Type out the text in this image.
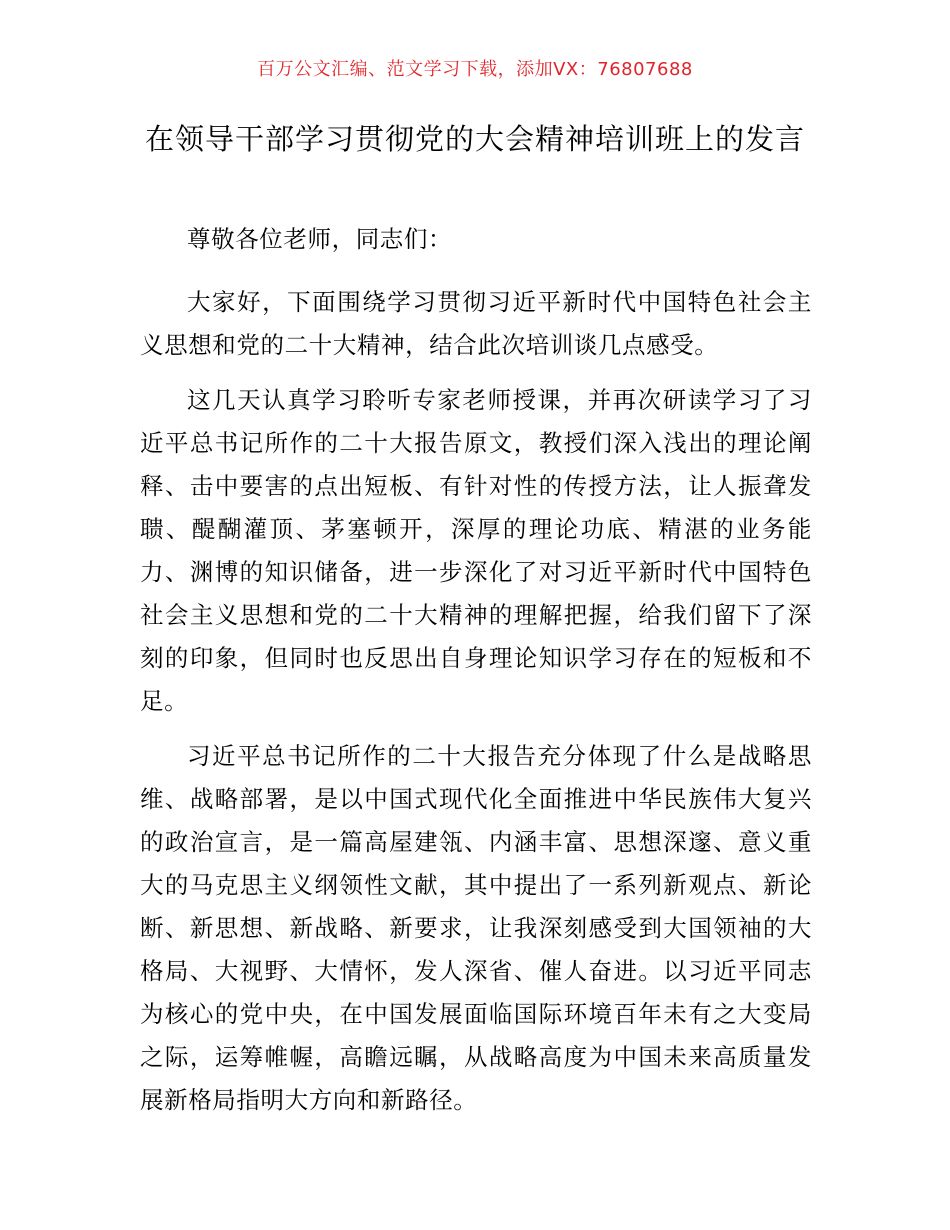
百万公文汇编、范文学习下载，添加VX：76807688
在领导干部学习贯彻党的大会精神培训班上的发言

尊敬各位老师，同志们：

大家好，下面围绕学习贯彻习近平新时代中国特色社会主义思想和党的二十大精神，结合此次培训谈几点感受。

这几天认真学习聆听专家老师授课，并再次研读学习了习近平总书记所作的二十大报告原文，教授们深入浅出的理论阐释、击中要害的点出短板、有针对性的传授方法，让人振聋发聩、醍醐灌顶、茅塞顿开，深厚的理论功底、精湛的业务能力、渊博的知识储备，进一步深化了对习近平新时代中国特色社会主义思想和党的二十大精神的理解把握，给我们留下了深刻的印象，但同时也反思出自身理论知识学习存在的短板和不足。

习近平总书记所作的二十大报告充分体现了什么是战略思维、战略部署，是以中国式现代化全面推进中华民族伟大复兴的政治宣言，是一篇高屋建瓴、内涵丰富、思想深邃、意义重大的马克思主义纲领性文献，其中提出了一系列新观点、新论断、新思想、新战略、新要求，让我深刻感受到大国领袖的大格局、大视野、大情怀，发人深省、催人奋进。以习近平同志为核心的党中央，在中国发展面临国际环境百年未有之大变局之际，运筹帷幄，高瞻远瞩，从战略高度为中国未来高质量发展新格局指明大方向和新路径。
